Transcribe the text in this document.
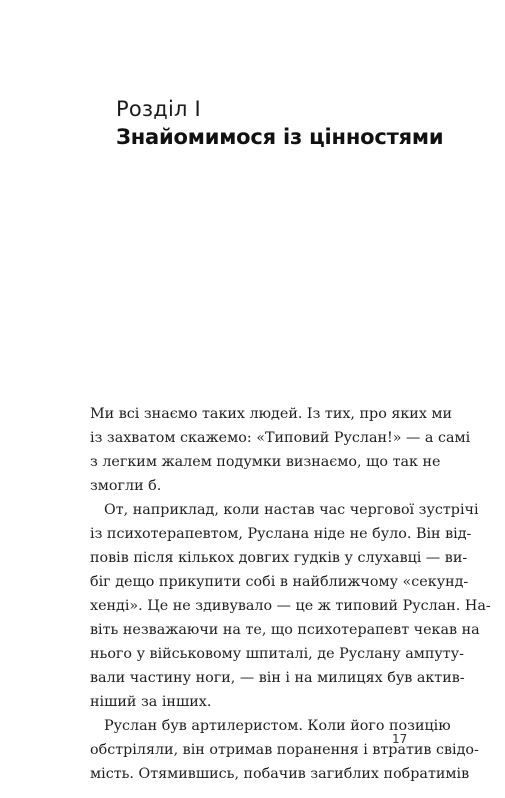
Розділ І
Знайомимося із цінностями
Ми всі знаємо таких людей. Із тих, про яких ми
із захватом скажемо: «Типовий Руслан!» — а самі
з легким жалем подумки визнаємо, що так не
змогли б.
От, наприклад, коли настав час чергової зустрічі
із психотерапевтом, Руслана ніде не було. Він від-
повів після кількох довгих гудків у слухавці — ви-
біг дещо прикупити собі в найближчому «секунд-
хенді». Це не здивувало — це ж типовий Руслан. На-
віть незважаючи на те, що психотерапевт чекав на
нього у військовому шпиталі, де Руслану ампуту-
вали частину ноги, — він і на милицях був актив-
ніший за інших.
Руслан був артилеристом. Коли його позицію
обстріляли, він отримав поранення і втратив свідо-
мість. Отямившись, побачив загиблих побратимів
17
